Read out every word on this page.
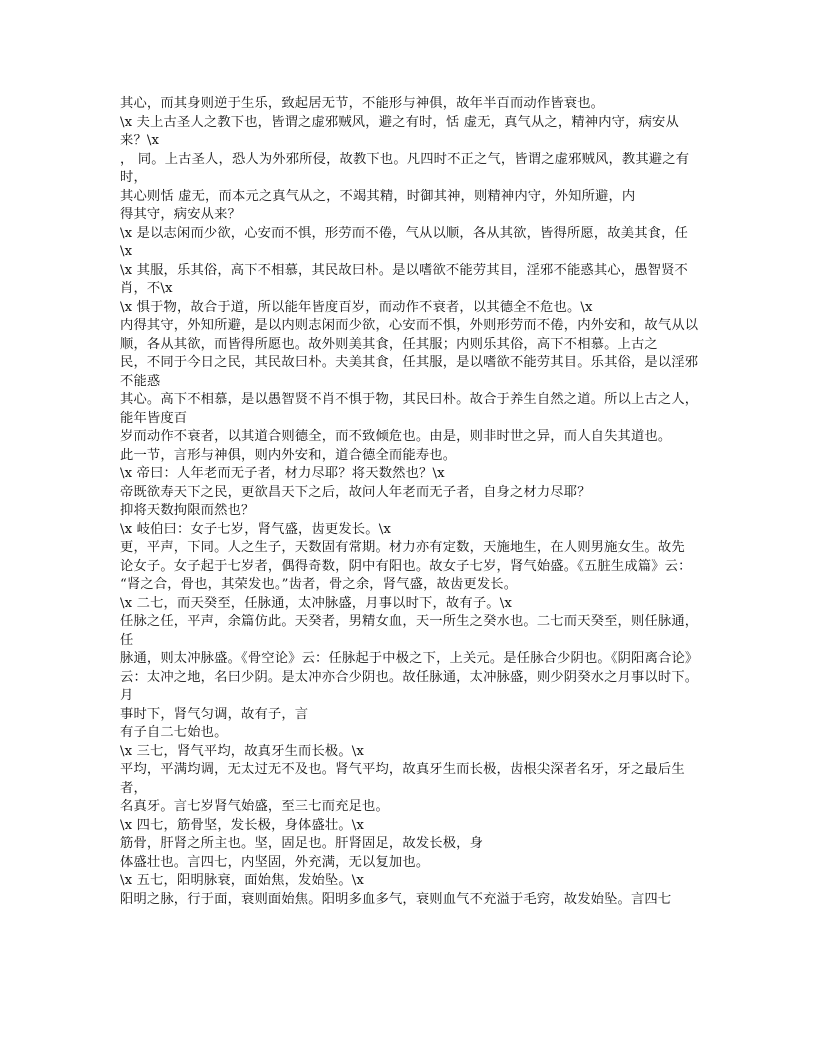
其心，而其身则逆于生乐，致起居无节，不能形与神俱，故年半百而动作皆衰也。
\x 夫上古圣人之教下也，皆谓之虚邪贼风，避之有时，恬 虚无，真气从之，精神内守，病安从来？\x
， 同。上古圣人，恐人为外邪所侵，故教下也。凡四时不正之气，皆谓之虚邪贼风，教其避之有时，
其心则恬 虚无，而本元之真气从之，不竭其精，时御其神，则精神内守，外知所避，内
得其守，病安从来？
\x 是以志闲而少欲，心安而不惧，形劳而不倦，气从以顺，各从其欲，皆得所愿，故美其食，任\x
\x 其服，乐其俗，高下不相慕，其民故曰朴。是以嗜欲不能劳其目，淫邪不能惑其心，愚智贤不肖，不\x
\x 惧于物，故合于道，所以能年皆度百岁，而动作不衰者，以其德全不危也。\x
内得其守，外知所避，是以内则志闲而少欲，心安而不惧，外则形劳而不倦，内外安和，故气从以
顺，各从其欲，而皆得所愿也。故外则美其食，任其服；内则乐其俗，高下不相慕。上古之
民，不同于今日之民，其民故曰朴。夫美其食，任其服，是以嗜欲不能劳其目。乐其俗，是以淫邪不能惑
其心。高下不相慕，是以愚智贤不肖不惧于物，其民曰朴。故合于养生自然之道。所以上古之人，能年皆度百
岁而动作不衰者，以其道合则德全，而不致倾危也。由是，则非时世之异，而人自失其道也。
此一节，言形与神俱，则内外安和，道合德全而能寿也。
\x 帝曰：人年老而无子者，材力尽耶？将天数然也？\x
帝既欲寿天下之民，更欲昌天下之后，故问人年老而无子者，自身之材力尽耶？
抑将天数拘限而然也？
\x 岐伯曰：女子七岁，肾气盛，齿更发长。\x
更，平声，下同。人之生子，天数固有常期。材力亦有定数，天施地生，在人则男施女生。故先
论女子。女子起于七岁者，偶得奇数，阴中有阳也。故女子七岁，肾气始盛。《五脏生成篇》云：
“肾之合，骨也，其荣发也。”齿者，骨之余，肾气盛，故齿更发长。
\x 二七，而天癸至，任脉通，太冲脉盛，月事以时下，故有子。\x
任脉之任，平声，余篇仿此。天癸者，男精女血，天一所生之癸水也。二七而天癸至，则任脉通，任
脉通，则太冲脉盛。《骨空论》云：任脉起于中极之下，上关元。是任脉合少阴也。《阴阳离合论》
云：太冲之地，名曰少阴。是太冲亦合少阴也。故任脉通，太冲脉盛，则少阴癸水之月事以时下。月
事时下，肾气匀调，故有子，言
有子自二七始也。
\x 三七，肾气平均，故真牙生而长极。\x
平均，平满均调，无太过无不及也。肾气平均，故真牙生而长极，齿根尖深者名牙，牙之最后生者，
名真牙。言七岁肾气始盛，至三七而充足也。
\x 四七，筋骨坚，发长极，身体盛壮。\x
筋骨，肝肾之所主也。坚，固足也。肝肾固足，故发长极，身
体盛壮也。言四七，内坚固，外充满，无以复加也。
\x 五七，阳明脉衰，面始焦，发始坠。\x
阳明之脉，行于面，衰则面始焦。阳明多血多气，衰则血气不充溢于毛窍，故发始坠。言四七
